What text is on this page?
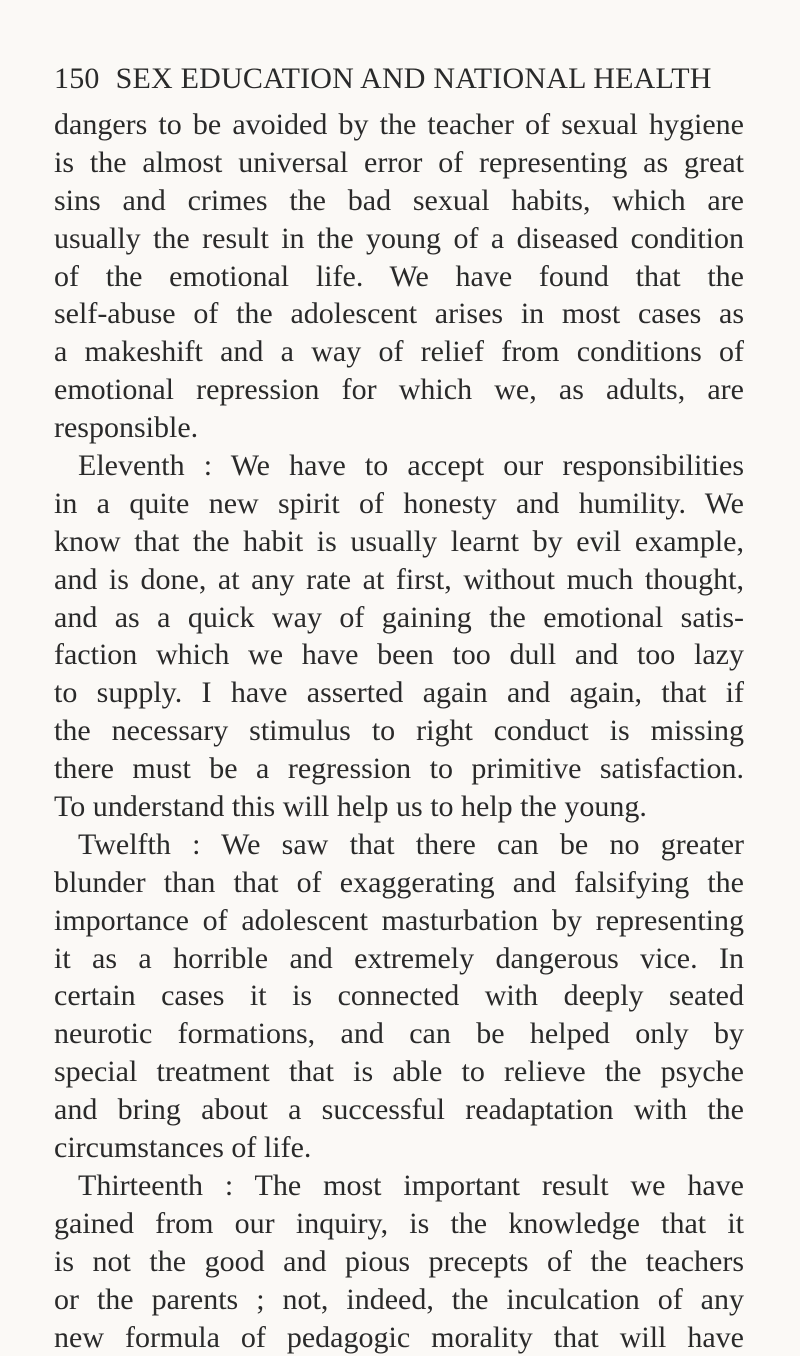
150 SEX EDUCATION AND NATIONAL HEALTH
dangers to be avoided by the teacher of sexual hygiene
is the almost universal error of representing as great
sins and crimes the bad sexual habits, which are
usually the result in the young of a diseased condition
of the emotional life. We have found that the
self-abuse of the adolescent arises in most cases as
a makeshift and a way of relief from conditions of
emotional repression for which we, as adults, are
responsible.
Eleventh : We have to accept our responsibilities
in a quite new spirit of honesty and humility. We
know that the habit is usually learnt by evil example,
and is done, at any rate at first, without much thought,
and as a quick way of gaining the emotional satis-
faction which we have been too dull and too lazy
to supply. I have asserted again and again, that if
the necessary stimulus to right conduct is missing
there must be a regression to primitive satisfaction.
To understand this will help us to help the young.
Twelfth : We saw that there can be no greater
blunder than that of exaggerating and falsifying the
importance of adolescent masturbation by representing
it as a horrible and extremely dangerous vice. In
certain cases it is connected with deeply seated
neurotic formations, and can be helped only by
special treatment that is able to relieve the psyche
and bring about a successful readaptation with the
circumstances of life.
Thirteenth : The most important result we have
gained from our inquiry, is the knowledge that it
is not the good and pious precepts of the teachers
or the parents ; not, indeed, the inculcation of any
new formula of pedagogic morality that will have
